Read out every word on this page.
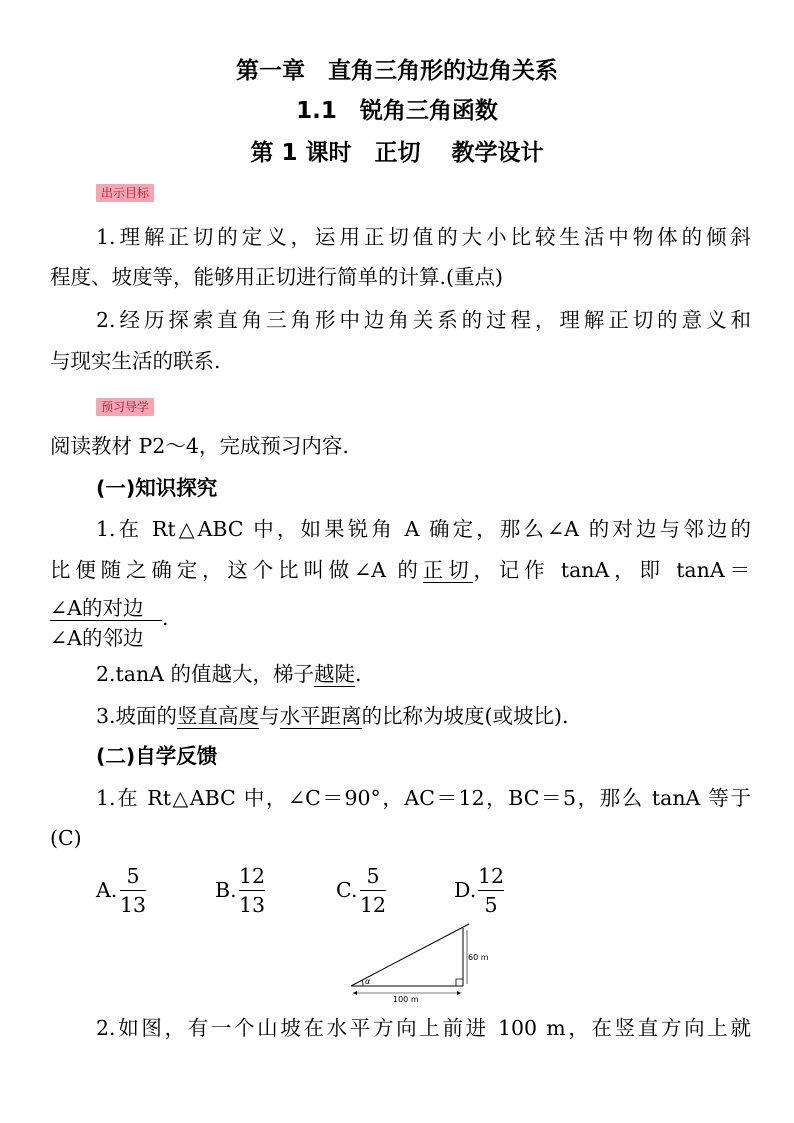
第一章　直角三角形的边角关系
1.1　锐角三角函数
第 1 课时　正切　 教学设计
出示目标
1.理解正切的定义，运用正切值的大小比较生活中物体的倾斜
程度、坡度等，能够用正切进行简单的计算.(重点)
2.经历探索直角三角形中边角关系的过程，理解正切的意义和
与现实生活的联系.
预习导学
阅读教材 P2～4，完成预习内容.
(一)知识探究
1.在 Rt△ABC 中，如果锐角 A 确定，那么∠A 的对边与邻边的
比便随之确定，这个比叫做∠A 的正切，记作 tanA，即 tanA＝
∠A的对边
∠A的邻边
.
2.tanA 的值越大，梯子越陡.
3.坡面的竖直高度与水平距离的比称为坡度(或坡比).
(二)自学反馈
1.在 Rt△ABC 中，∠C＝90°，AC＝12，BC＝5，那么 tanA 等于
(C)
A. $\frac{5}{13}$	B. $\frac{12}{13}$	C. $\frac{5}{12}$	D. $\frac{12}{5}$
α
60 m
100 m
2.如图，有一个山坡在水平方向上前进 100 m，在竖直方向上就
